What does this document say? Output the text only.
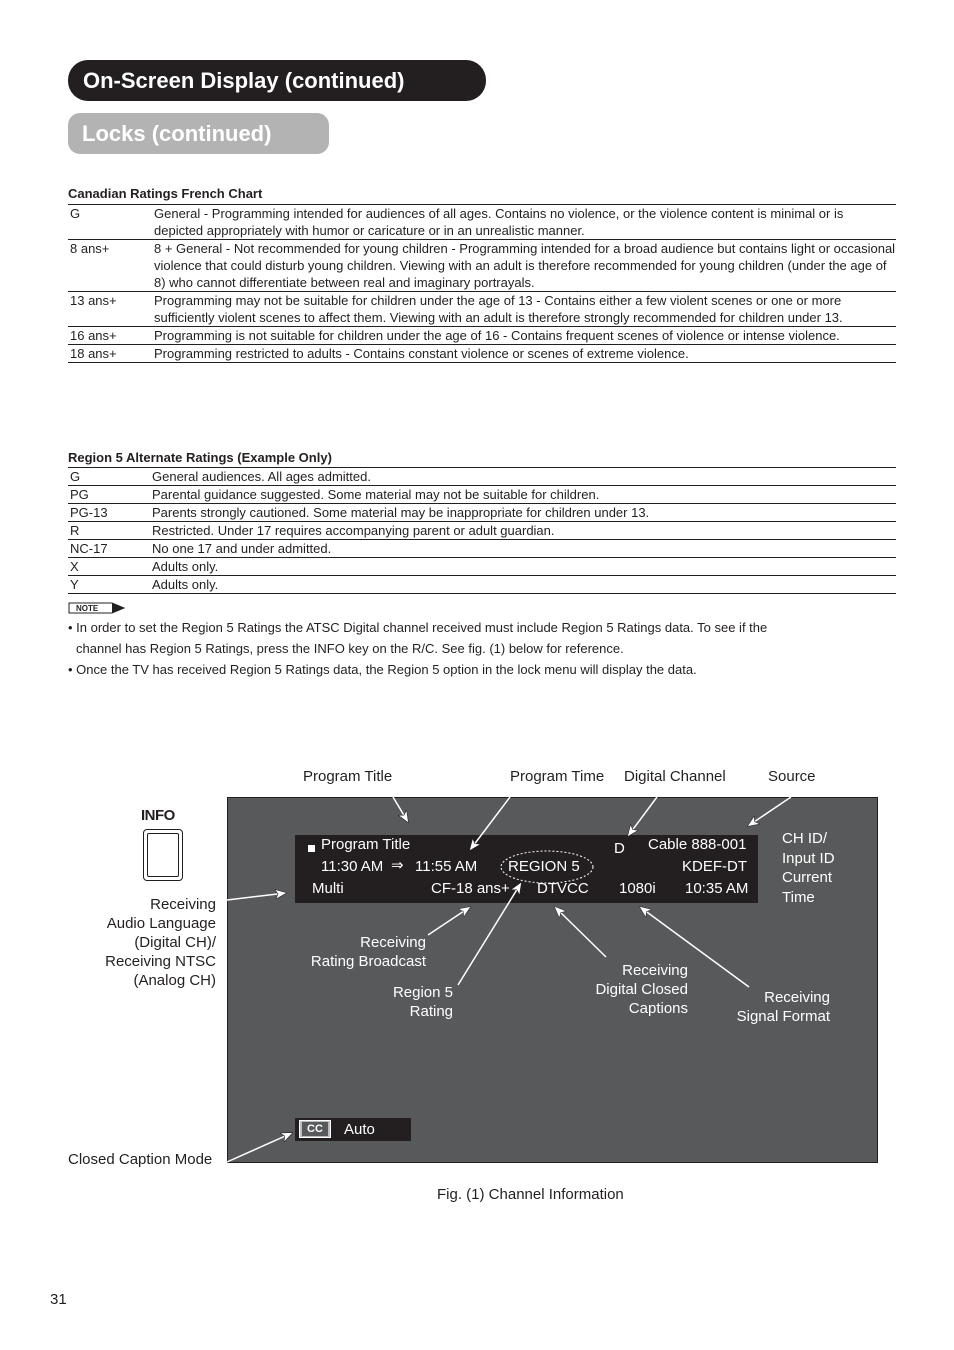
On-Screen Display (continued)
Locks (continued)
Canadian Ratings French Chart
G	General - Programming intended for audiences of all ages. Contains no violence, or the violence content is minimal or is depicted appropriately with humor or caricature or in an unrealistic manner.
8 ans+	8 + General - Not recommended for young children - Programming intended for a broad audience but contains light or occasional violence that could disturb young children. Viewing with an adult is therefore recommended for young children (under the age of 8) who cannot differentiate between real and imaginary portrayals.
13 ans+	Programming may not be suitable for children under the age of 13 - Contains either a few violent scenes or one or more sufficiently violent scenes to affect them. Viewing with an adult is therefore strongly recommended for children under 13.
16 ans+	Programming is not suitable for children under the age of 16 - Contains frequent scenes of violence or intense violence.
18 ans+	Programming restricted to adults - Contains constant violence or scenes of extreme violence.
Region 5 Alternate Ratings (Example Only)
G	General audiences. All ages admitted.
PG	Parental guidance suggested. Some material may not be suitable for children.
PG-13	Parents strongly cautioned. Some material may be inappropriate for children under 13.
R	Restricted. Under 17 requires accompanying parent or adult guardian.
NC-17	No one 17 and under admitted.
X	Adults only.
Y	Adults only.
NOTE

• In order to set the Region 5 Ratings the ATSC Digital channel received must include Region 5 Ratings data. To see if the

channel has Region 5 Ratings, press the INFO key on the R/C. See fig. (1) below for reference.

• Once the TV has received Region 5 Ratings data, the Region 5 option in the lock menu will display the data.

Program Title	Program Time Digital Channel	Source
INFO
Receiving
Audio Language
(Digital CH)/
Receiving NTSC
(Analog CH)
Closed Caption Mode
Program Title	D Cable 888-001
11:30 AM ⇒ 11:55 AM REGION 5	KDEF-DT
Multi	CF-18 ans+ DTVCC 1080i 10:35 AM
CH ID/
Input ID
Current
Time
Receiving
Rating Broadcast
Region 5
Rating
Receiving
Digital Closed
Captions
Receiving
Signal Format
CC	Auto
Fig. (1) Channel Information
31
